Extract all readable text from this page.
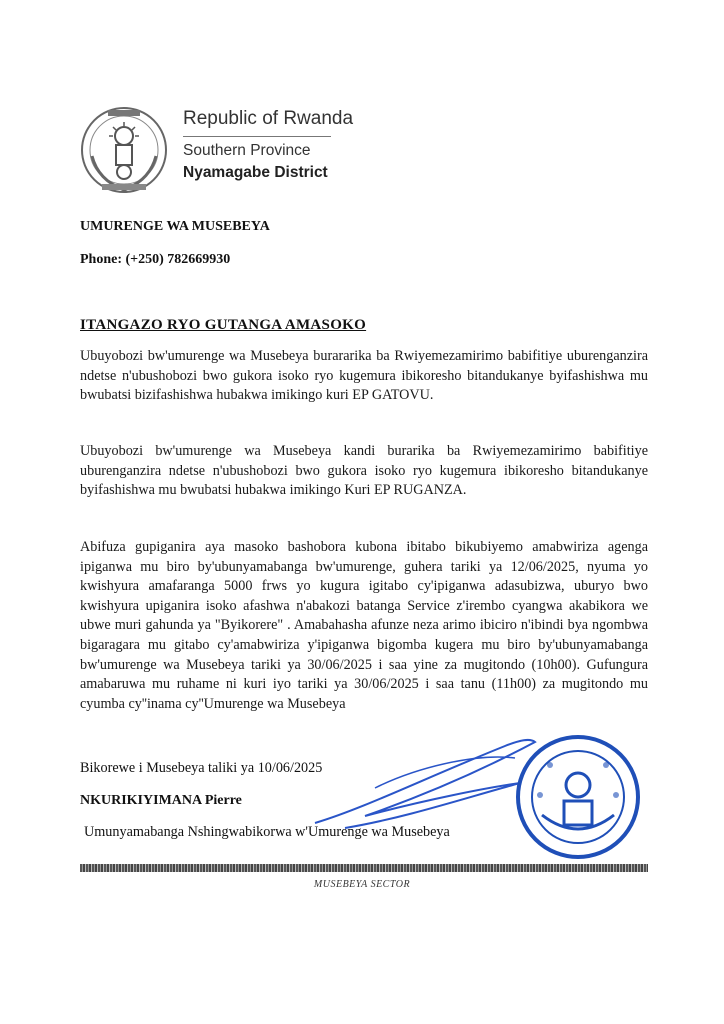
Republic of Rwanda
Southern Province
Nyamagabe District
UMURENGE WA MUSEBEYA
Phone: (+250) 782669930
ITANGAZO RYO GUTANGA AMASOKO
Ubuyobozi bw'umurenge wa Musebeya burararika ba Rwiyemezamirimo babifitiye uburenganzira ndetse n'ubushobozi bwo gukora isoko ryo kugemura ibikoresho bitandukanye byifashishwa mu bwubatsi bizifashishwa hubakwa imikingo kuri EP GATOVU.
Ubuyobozi bw'umurenge wa Musebeya kandi burarika ba Rwiyemezamirimo babifitiye uburenganzira ndetse n'ubushobozi bwo gukora isoko ryo kugemura ibikoresho bitandukanye byifashishwa mu bwubatsi hubakwa imikingo Kuri EP RUGANZA.
Abifuza gupiganira aya masoko bashobora kubona ibitabo bikubiyemo amabwiriza agenga ipiganwa mu biro by'ubunyamabanga bw'umurenge, guhera tariki ya 12/06/2025, nyuma yo kwishyura amafaranga 5000 frws yo kugura igitabo cy'ipiganwa adasubizwa, uburyo bwo kwishyura upiganira isoko afashwa n'abakozi batanga Service z'irembo cyangwa akabikora we ubwe muri gahunda ya "Byikorere" . Amabahasha afunze neza arimo ibiciro n'ibindi bya ngombwa bigaragara mu gitabo cy'amabwiriza y'ipiganwa bigomba kugera mu biro by'ubunyamabanga bw'umurenge wa Musebeya tariki ya 30/06/2025 i saa yine za mugitondo (10h00). Gufungura amabaruwa mu ruhame ni kuri iyo tariki ya 30/06/2025 i saa tanu (11h00) za mugitondo mu cyumba cy''inama cy''Umurenge wa Musebeya
Bikorewe i Musebeya taliki ya 10/06/2025
NKURIKIYIMANA Pierre
Umunyamabanga Nshingwabikorwa w'Umurenge wa Musebeya
MUSEBEYA SECTOR
